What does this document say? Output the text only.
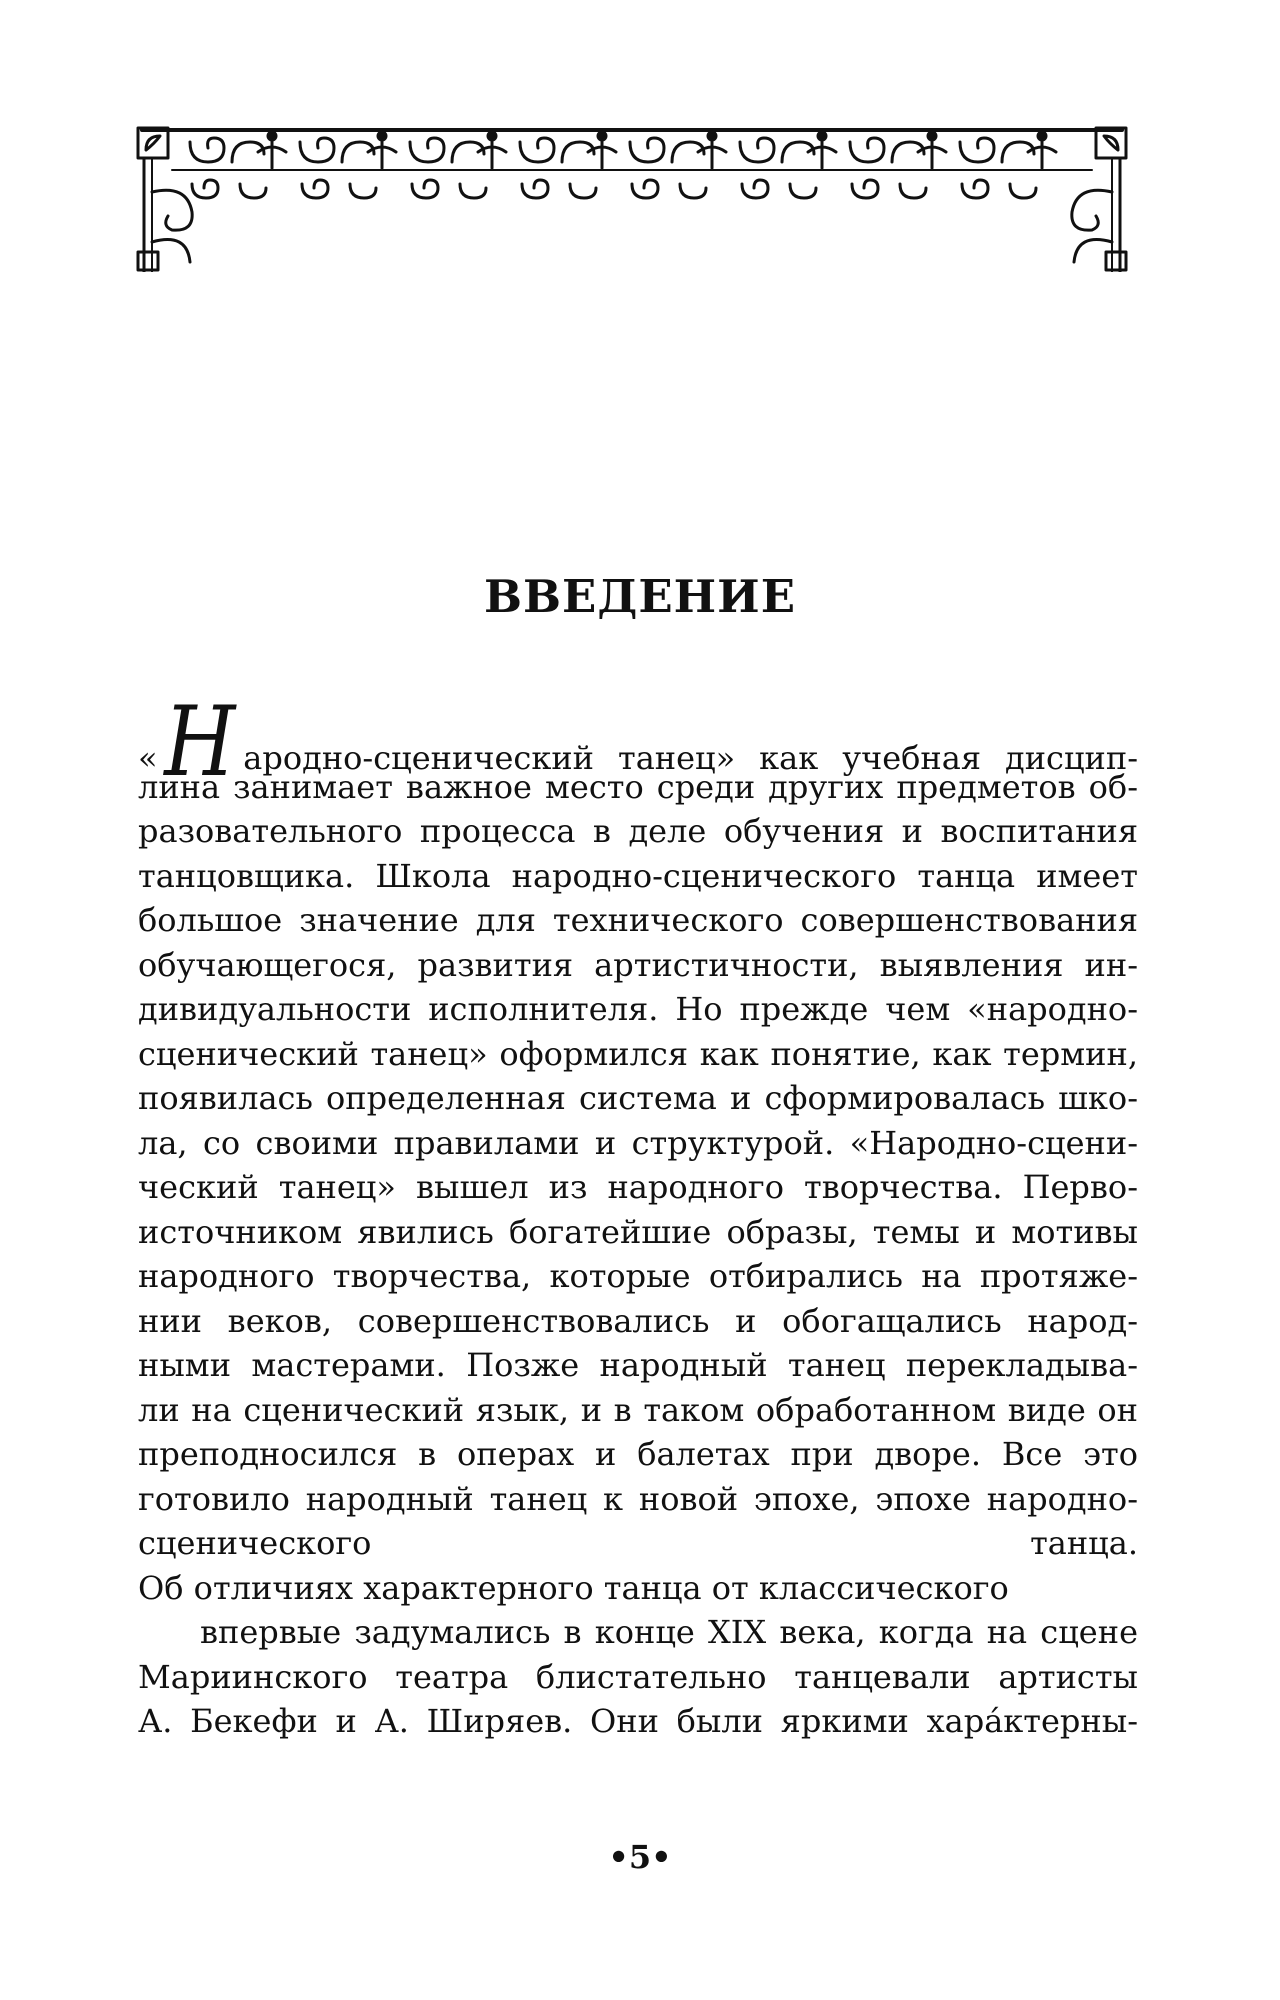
ВВЕДЕНИЕ
«Н ародно-сценический танец» как учебная дисцип-
лина занимает важное место среди других предметов об-
разовательного процесса в деле обучения и воспитания
танцовщика. Школа народно-сценического танца имеет
большое значение для технического совершенствования
обучающегося, развития артистичности, выявления ин-
дивидуальности исполнителя. Но прежде чем «народно-
сценический танец» оформился как понятие, как термин,
появилась определенная система и сформировалась шко-
ла, со своими правилами и структурой. «Народно-сцени-
ческий танец» вышел из народного творчества. Перво-
источником явились богатейшие образы, темы и мотивы
народного творчества, которые отбирались на протяже-
нии веков, совершенствовались и обогащались народ-
ными мастерами. Позже народный танец перекладыва-
ли на сценический язык, и в таком обработанном виде он
преподносился в операх и балетах при дворе. Все это
готовило народный танец к новой эпохе, эпохе народно-
сценического танца.
Об отличиях характерного танца от классического
впервые задумались в конце XIX века, когда на сцене
Мариинского театра блистательно танцевали артисты
А. Бекефи и А. Ширяев. Они были яркими хара́ктерны-

•5•
